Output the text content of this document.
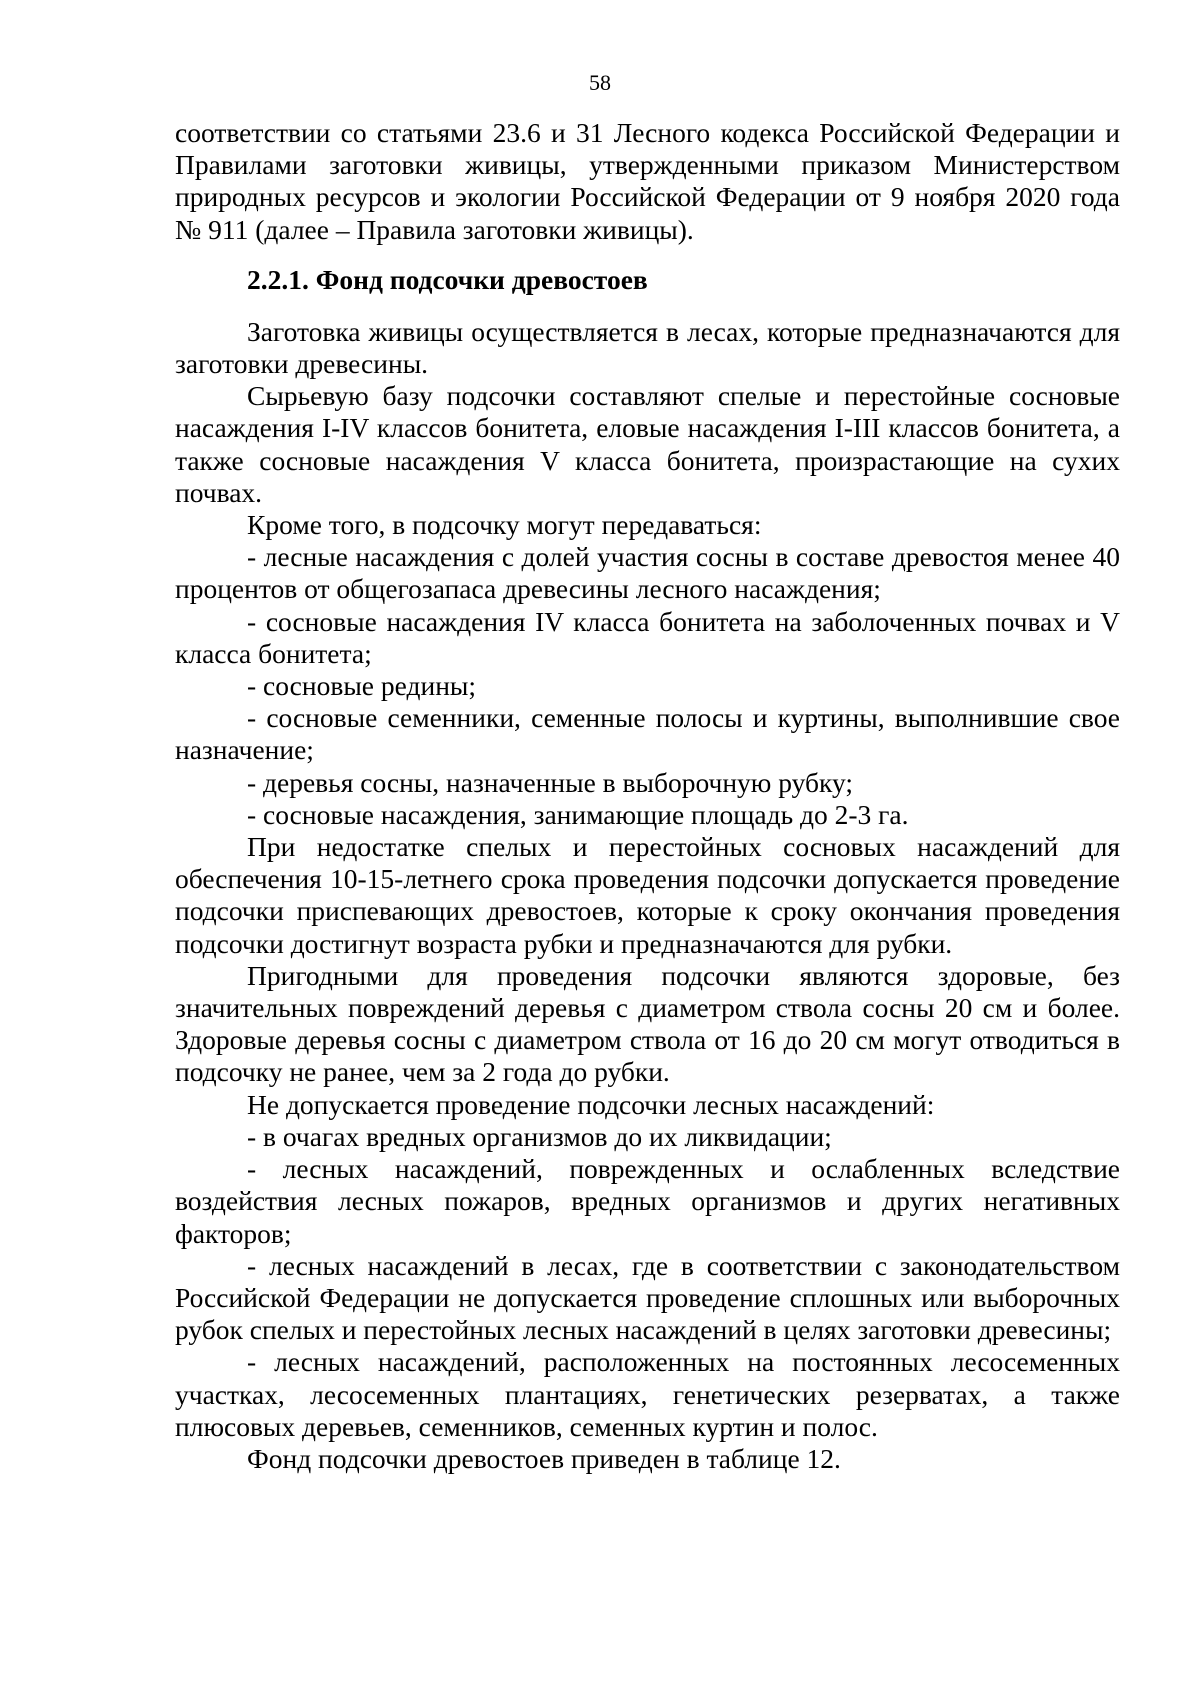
58

соответствии со статьями 23.6 и 31 Лесного кодекса Российской Федерации и Правилами заготовки живицы, утвержденными приказом Министерством природных ресурсов и экологии Российской Федерации от 9 ноября 2020 года № 911 (далее – Правила заготовки живицы).

2.2.1. Фонд подсочки древостоев

Заготовка живицы осуществляется в лесах, которые предназначаются для заготовки древесины.

Сырьевую базу подсочки составляют спелые и перестойные сосновые насаждения I-IV классов бонитета, еловые насаждения I-III классов бонитета, а также сосновые насаждения V класса бонитета, произрастающие на сухих почвах.

Кроме того, в подсочку могут передаваться:

- лесные насаждения с долей участия сосны в составе древостоя менее 40 процентов от общегозапаса древесины лесного насаждения;

- сосновые насаждения IV класса бонитета на заболоченных почвах и V класса бонитета;

- сосновые редины;

- сосновые семенники, семенные полосы и куртины, выполнившие свое назначение;

- деревья сосны, назначенные в выборочную рубку;

- сосновые насаждения, занимающие площадь до 2-3 га.

При недостатке спелых и перестойных сосновых насаждений для обеспечения 10-15-летнего срока проведения подсочки допускается проведение подсочки приспевающих древостоев, которые к сроку окончания проведения подсочки достигнут возраста рубки и предназначаются для рубки.

Пригодными для проведения подсочки являются здоровые, без значительных повреждений деревья с диаметром ствола сосны 20 см и более. Здоровые деревья сосны с диаметром ствола от 16 до 20 см могут отводиться в подсочку не ранее, чем за 2 года до рубки.

Не допускается проведение подсочки лесных насаждений:

- в очагах вредных организмов до их ликвидации;

- лесных насаждений, поврежденных и ослабленных вследствие воздействия лесных пожаров, вредных организмов и других негативных факторов;

- лесных насаждений в лесах, где в соответствии с законодательством Российской Федерации не допускается проведение сплошных или выборочных рубок спелых и перестойных лесных насаждений в целях заготовки древесины;

- лесных насаждений, расположенных на постоянных лесосеменных участках, лесосеменных плантациях, генетических резерватах, а также плюсовых деревьев, семенников, семенных куртин и полос.

Фонд подсочки древостоев приведен в таблице 12.
